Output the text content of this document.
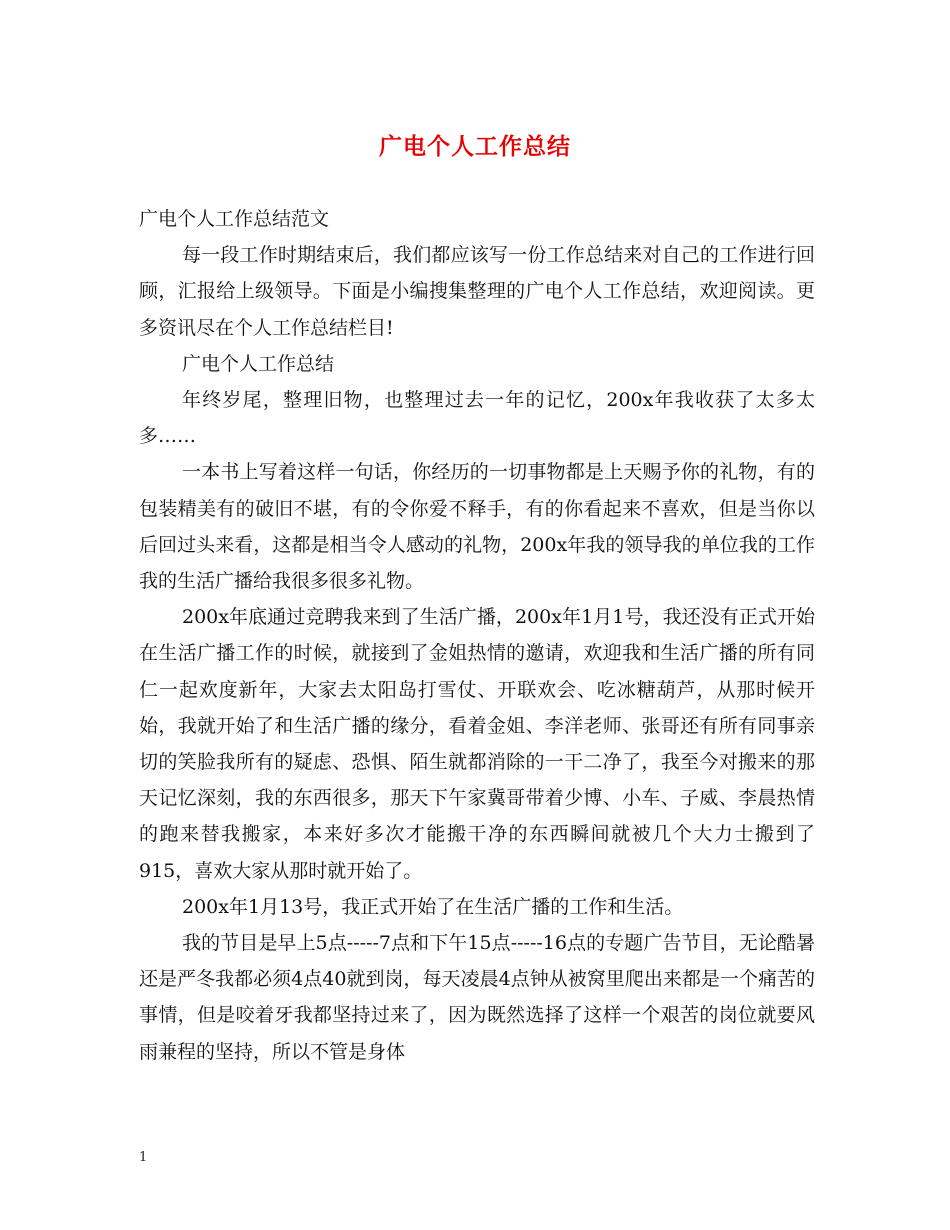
广电个人工作总结

广电个人工作总结范文

每一段工作时期结束后，我们都应该写一份工作总结来对自己的工作进行回顾，汇报给上级领导。下面是小编搜集整理的广电个人工作总结，欢迎阅读。更多资讯尽在个人工作总结栏目!

广电个人工作总结

年终岁尾，整理旧物，也整理过去一年的记忆，200x年我收获了太多太多……

一本书上写着这样一句话，你经历的一切事物都是上天赐予你的礼物，有的包装精美有的破旧不堪，有的令你爱不释手，有的你看起来不喜欢，但是当你以后回过头来看，这都是相当令人感动的礼物，200x年我的领导我的单位我的工作我的生活广播给我很多很多礼物。

200x年底通过竞聘我来到了生活广播，200x年1月1号，我还没有正式开始在生活广播工作的时候，就接到了金姐热情的邀请，欢迎我和生活广播的所有同仁一起欢度新年，大家去太阳岛打雪仗、开联欢会、吃冰糖葫芦，从那时候开始，我就开始了和生活广播的缘分，看着金姐、李洋老师、张哥还有所有同事亲切的笑脸我所有的疑虑、恐惧、陌生就都消除的一干二净了，我至今对搬来的那天记忆深刻，我的东西很多，那天下午家冀哥带着少博、小车、子威、李晨热情的跑来替我搬家，本来好多次才能搬干净的东西瞬间就被几个大力士搬到了915，喜欢大家从那时就开始了。

200x年1月13号，我正式开始了在生活广播的工作和生活。

我的节目是早上5点-----7点和下午15点-----16点的专题广告节目，无论酷暑还是严冬我都必须4点40就到岗，每天凌晨4点钟从被窝里爬出来都是一个痛苦的事情，但是咬着牙我都坚持过来了，因为既然选择了这样一个艰苦的岗位就要风雨兼程的坚持，所以不管是身体

1
